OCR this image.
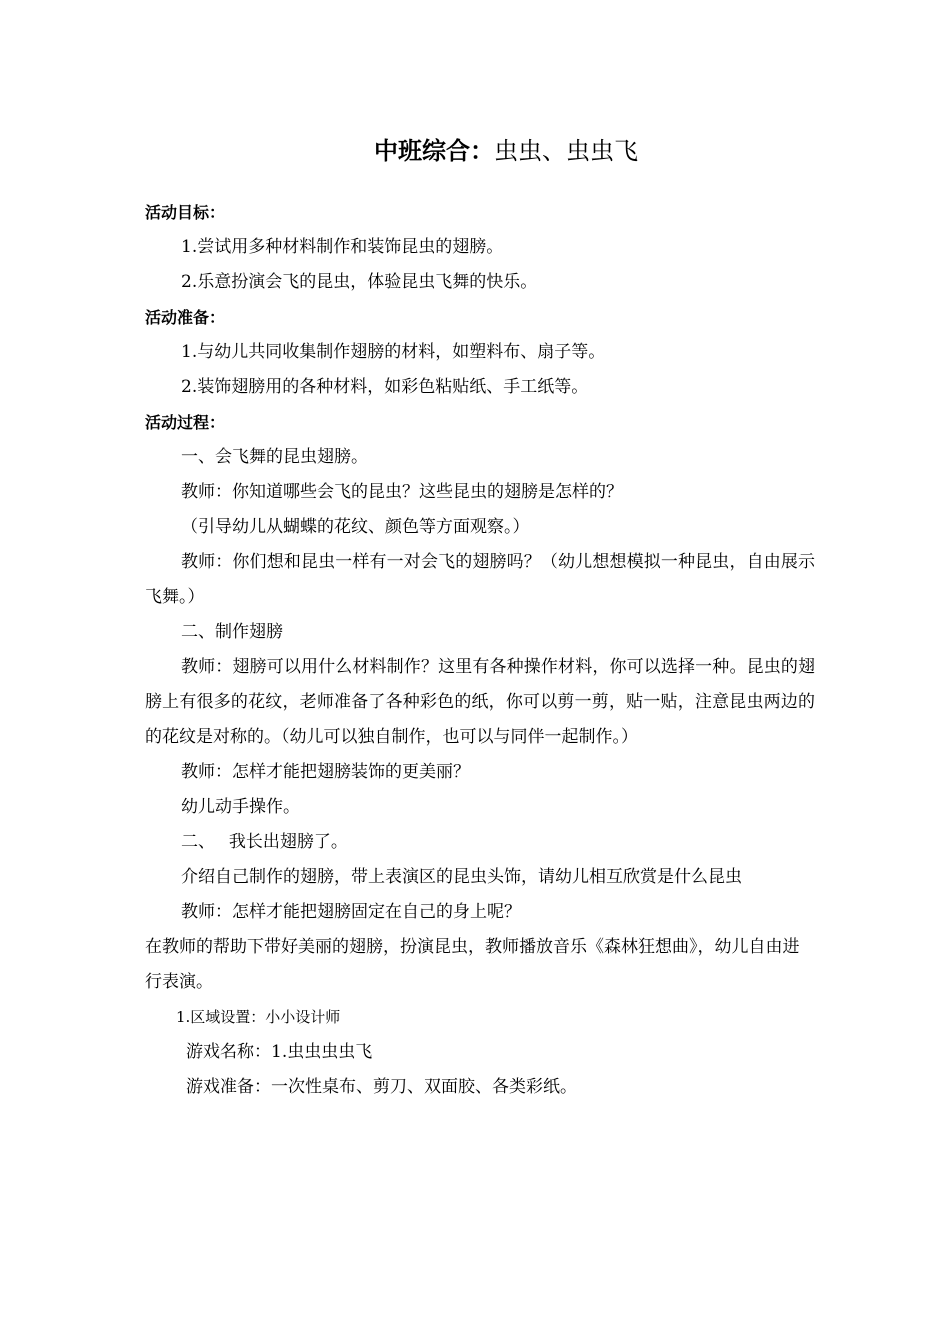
中班综合：虫虫、虫虫飞
活动目标：
1.尝试用多种材料制作和装饰昆虫的翅膀。
2.乐意扮演会飞的昆虫，体验昆虫飞舞的快乐。
活动准备：
1.与幼儿共同收集制作翅膀的材料，如塑料布、扇子等。
2.装饰翅膀用的各种材料，如彩色粘贴纸、手工纸等。
活动过程：
一、会飞舞的昆虫翅膀。
教师：你知道哪些会飞的昆虫？这些昆虫的翅膀是怎样的？
（引导幼儿从蝴蝶的花纹、颜色等方面观察。）
教师：你们想和昆虫一样有一对会飞的翅膀吗？（幼儿想想模拟一种昆虫，自由展示飞舞。）
二、制作翅膀
教师：翅膀可以用什么材料制作？这里有各种操作材料，你可以选择一种。昆虫的翅膀上有很多的花纹，老师准备了各种彩色的纸，你可以剪一剪，贴一贴，注意昆虫两边的的花纹是对称的。（幼儿可以独自制作，也可以与同伴一起制作。）
教师：怎样才能把翅膀装饰的更美丽？
幼儿动手操作。
二、　 我长出翅膀了。
介绍自己制作的翅膀，带上表演区的昆虫头饰，请幼儿相互欣赏是什么昆虫
教师：怎样才能把翅膀固定在自己的身上呢？
在教师的帮助下带好美丽的翅膀，扮演昆虫，教师播放音乐《森林狂想曲》，幼儿自由进行表演。
1.区域设置：小小设计师
游戏名称：1.虫虫虫虫飞
游戏准备：一次性桌布、剪刀、双面胶、各类彩纸。
